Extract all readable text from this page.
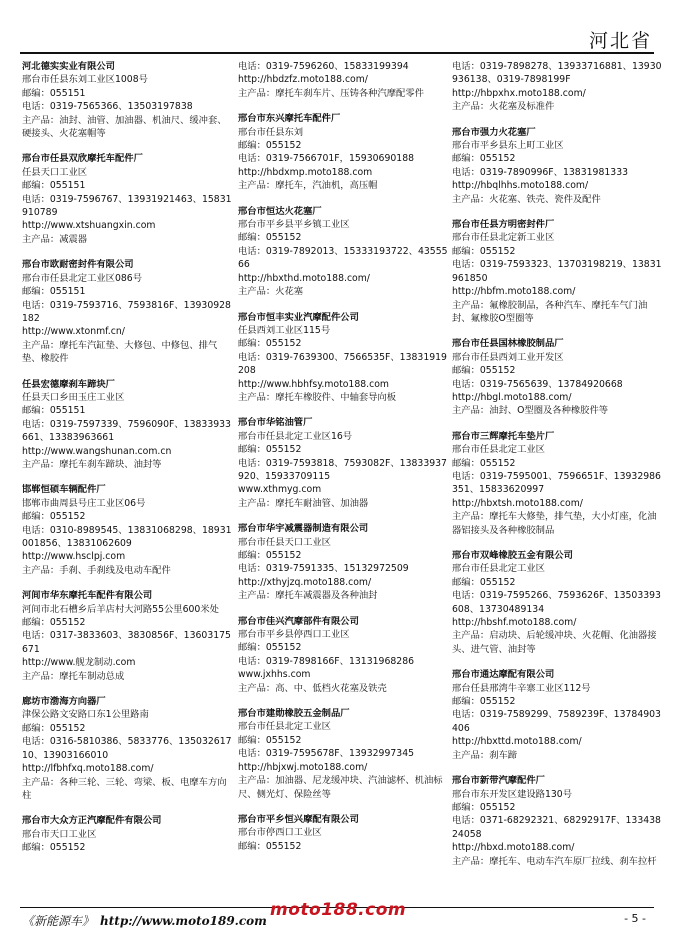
河北省
河北德实实业有限公司
邢台市任县东刘工业区1008号
邮编：055151
电话：0319-7565366、13503197838
主产品：油封、油管、加油器、机油尺、缓冲套、硬接头、火花塞帽等
邢台市任县双欣摩托车配件厂
任县天口工业区
邮编：055151
电话：0319-7596767、13931921463、15831910789
http://www.xtshuangxin.com
主产品：减震器
邢台市欧耐密封件有限公司
邢台市任县北定工业区086号
邮编：055151
电话：0319-7593716、7593816F、13930928182
http://www.xtonmf.cn/
主产品：摩托车汽缸垫、大修包、中修包、排气垫、橡胶件
任县宏德摩刹车蹄块厂
任县天口乡田玉庄工业区
邮编：055151
电话：0319-7597339、7596090F、13833933661、13383963661
http://www.wangshunan.com.cn
主产品：摩托车刹车蹄块、油封等
邯郸恒硕车辆配件厂
邯郸市曲周县号庄工业区06号
邮编：055152
电话：0310-8989545、13831068298、18931001856、13831062609
http://www.hsclpj.com
主产品：手刹、手刹线及电动车配件
河间市华东摩托车配件有限公司
河间市北石槽乡后羊店村大河路55公里600米处
邮编：055152
电话：0317-3833603、3830856F、13603175671
http://www.舰龙制动.com
主产品：摩托车制动总成
廊坊市渤海方向器厂
津保公路文安路口东1公里路南
邮编：055152
电话：0316-5810386、5833776、13503261710、13903166010
http://lfbhfxq.moto188.com/
主产品：各种三轮、三轮、弯梁、板、电摩车方向柱
邢台市大众方正汽摩配件有限公司
邢台市天口工业区
邮编：055152
电话：0319-7596260、15833199394
http://hbdzfz.moto188.com/
主产品：摩托车刹车片、压铸各种汽摩配零件
邢台市东兴摩托车配件厂
邢台市任县东刘
邮编：055152
电话：0319-7566701F，15930690188
http://hbdxmp.moto188.com
主产品：摩托车，汽油机，高压帽
邢台市恒达火花塞厂
邢台市平乡县平乡镇工业区
邮编：055152
电话：0319-7892013、15333193722、4355566
http://hbxthd.moto188.com/
主产品：火花塞
邢台市恒丰实业汽摩配件公司
任县西刘工业区115号
邮编：055152
电话：0319-7639300、7566535F、13831919208
http://www.hbhfsy.moto188.com
主产品：摩托车橡胶件、中轴套导向板
邢台市华铭油管厂
邢台市任县北定工业区16号
邮编：055152
电话：0319-7593818、7593082F、13833937920、15933709115
www.xthmyg.com
主产品：摩托车耐油管、加油器
邢台市华宇减震器制造有限公司
邢台市任县天口工业区
邮编：055152
电话：0319-7591335、15132972509
http://xthyjzq.moto188.com/
主产品：摩托车减震器及各种油封
邢台市佳兴汽摩部件有限公司
邢台市平乡县停西口工业区
邮编：055152
电话：0319-7898166F、13131968286
www.jxhhs.com
主产品：高、中、低档火花塞及铁壳
邢台市建勋橡胶五金制品厂
邢台市任县北定工业区
邮编：055152
电话：0319-7595678F、13932997345
http://hbjxwj.moto188.com/
主产品：加油器、尼龙缓冲块、汽油滤杯、机油标尺、侧光灯、保险丝等
邢台市平乡恒兴摩配有限公司
邢台市停西口工业区
邮编：055152
电话：0319-7898278、13933716881、13930936138、0319-7898199F
http://hbpxhx.moto188.com/
主产品：火花塞及标准件
邢台市强力火花塞厂
邢台市平乡县东上町工业区
邮编：055152
电话：0319-7890996F、13831981333
http://hbqlhhs.moto188.com/
主产品：火花塞、铁壳、瓷件及配件
邢台市任县方明密封件厂
邢台市任县北定新工业区
邮编：055152
电话：0319-7593323、13703198219、13831961850
http://hbfm.moto188.com/
主产品：氟橡胶制品，各种汽车、摩托车气门油封、氟橡胶O型圈等
邢台市任县国林橡胶制品厂
邢台市任县西刘工业开发区
邮编：055152
电话：0319-7565639、13784920668
http://hbgl.moto188.com/
主产品：油封、O型圈及各种橡胶件等
邢台市三辉摩托车垫片厂
邢台市任县北定工业区
邮编：055152
电话：0319-7595001、7596651F、13932986351、15833620997
http://hbxtsh.moto188.com/
主产品：摩托车大修垫，排气垫，大小灯座，化油器铝接头及各种橡胶制品
邢台市双峰橡胶五金有限公司
邢台市任县北定工业区
邮编：055152
电话：0319-7595266、7593626F、13503393608、13730489134
http://hbshf.moto188.com/
主产品：启动块、后轮缓冲块、火花帽、化油器接头、进气管、油封等
邢台市通达摩配有限公司
邢台任县邢湾牛辛寨工业区112号
邮编：055152
电话：0319-7589299、7589239F、13784903406
http://hbxttd.moto188.com/
主产品：刹车蹄
邢台市新带汽摩配件厂
邢台市东开发区建设路130号
邮编：055152
电话：0371-68292321、68292917F、13343824058
http://hbxd.moto188.com/
主产品：摩托车、电动车汽车原厂拉线、刹车拉杆
《新能源车》 http://www.moto189.com
moto188.com	- 5 -
